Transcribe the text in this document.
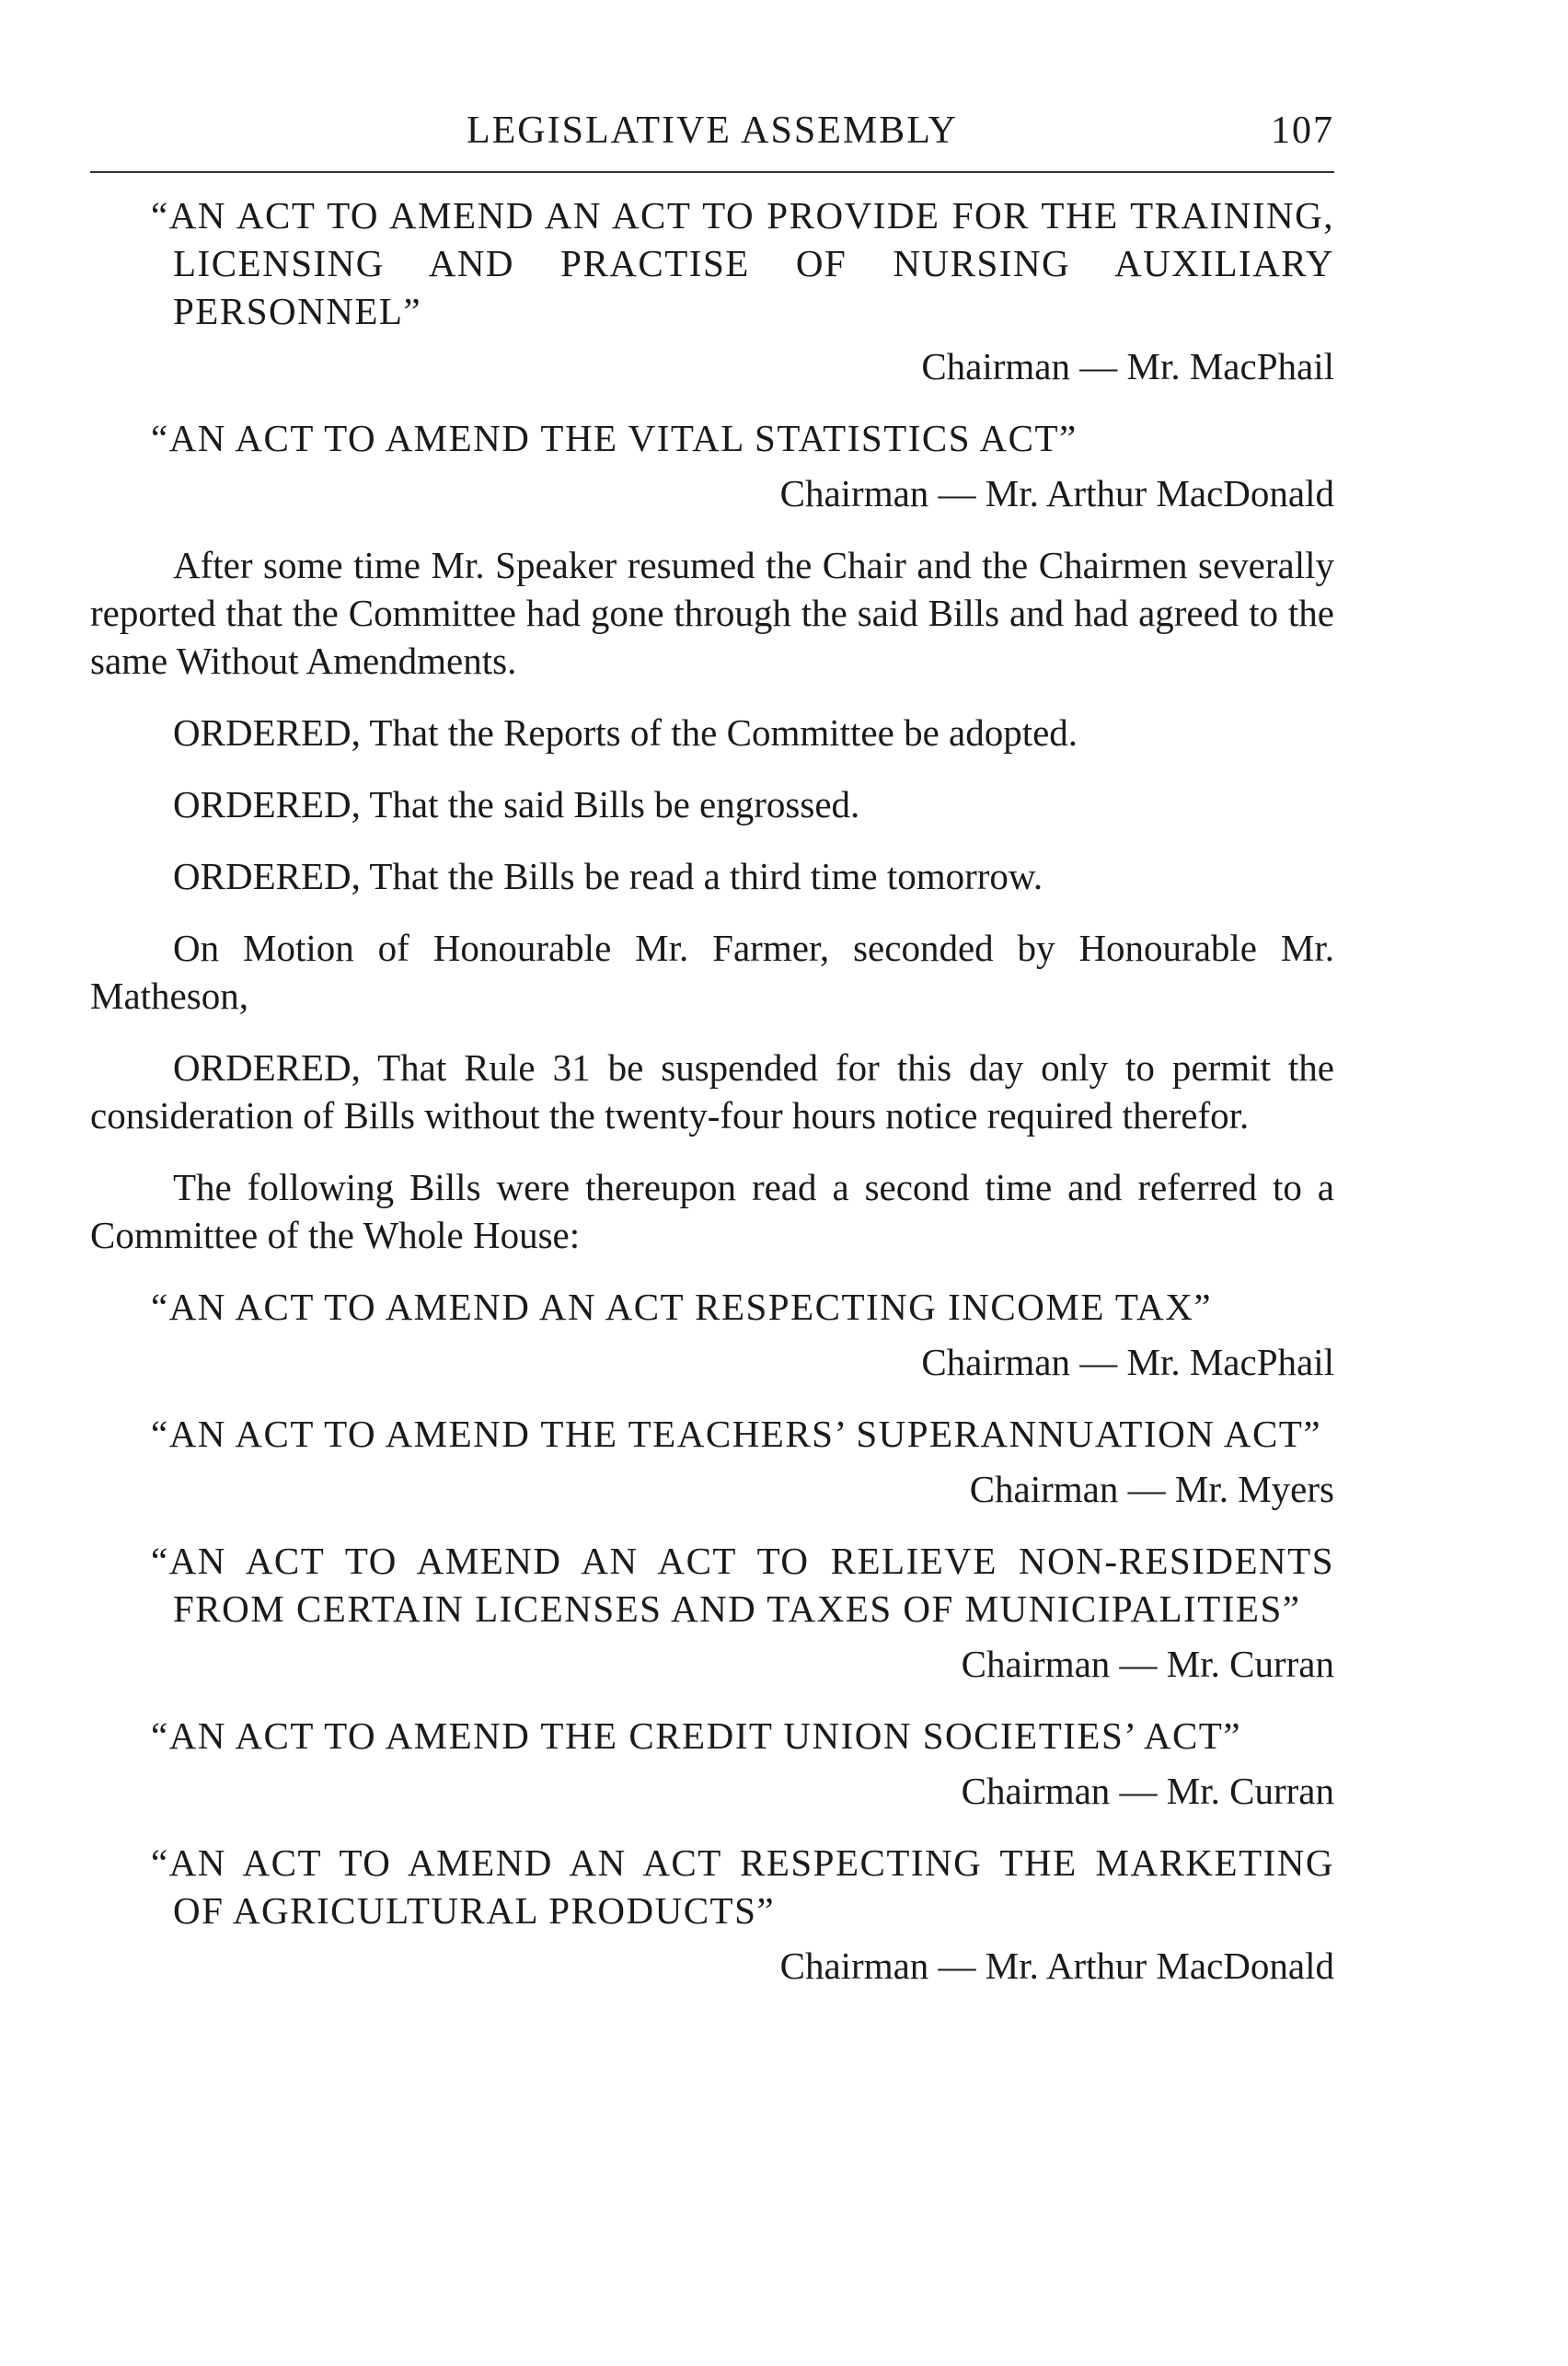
LEGISLATIVE ASSEMBLY	107

“AN ACT TO AMEND AN ACT TO PROVIDE FOR THE TRAINING, LICENSING AND PRACTISE OF NURSING AUXILIARY PERSONNEL”

Chairman — Mr. MacPhail

“AN ACT TO AMEND THE VITAL STATISTICS ACT”

Chairman — Mr. Arthur MacDonald

After some time Mr. Speaker resumed the Chair and the Chairmen severally reported that the Committee had gone through the said Bills and had agreed to the same Without Amendments.

ORDERED, That the Reports of the Committee be adopted.

ORDERED, That the said Bills be engrossed.

ORDERED, That the Bills be read a third time tomorrow.

On Motion of Honourable Mr. Farmer, seconded by Honourable Mr. Matheson,

ORDERED, That Rule 31 be suspended for this day only to permit the consideration of Bills without the twenty-four hours notice required therefor.

The following Bills were thereupon read a second time and referred to a Committee of the Whole House:

“AN ACT TO AMEND AN ACT RESPECTING INCOME TAX”

Chairman — Mr. MacPhail

“AN ACT TO AMEND THE TEACHERS’ SUPERANNUATION ACT”

Chairman — Mr. Myers

“AN ACT TO AMEND AN ACT TO RELIEVE NON-RESIDENTS FROM CERTAIN LICENSES AND TAXES OF MUNICIPALITIES”

Chairman — Mr. Curran

“AN ACT TO AMEND THE CREDIT UNION SOCIETIES’ ACT”

Chairman — Mr. Curran

“AN ACT TO AMEND AN ACT RESPECTING THE MARKETING OF AGRICULTURAL PRODUCTS”

Chairman — Mr. Arthur MacDonald
